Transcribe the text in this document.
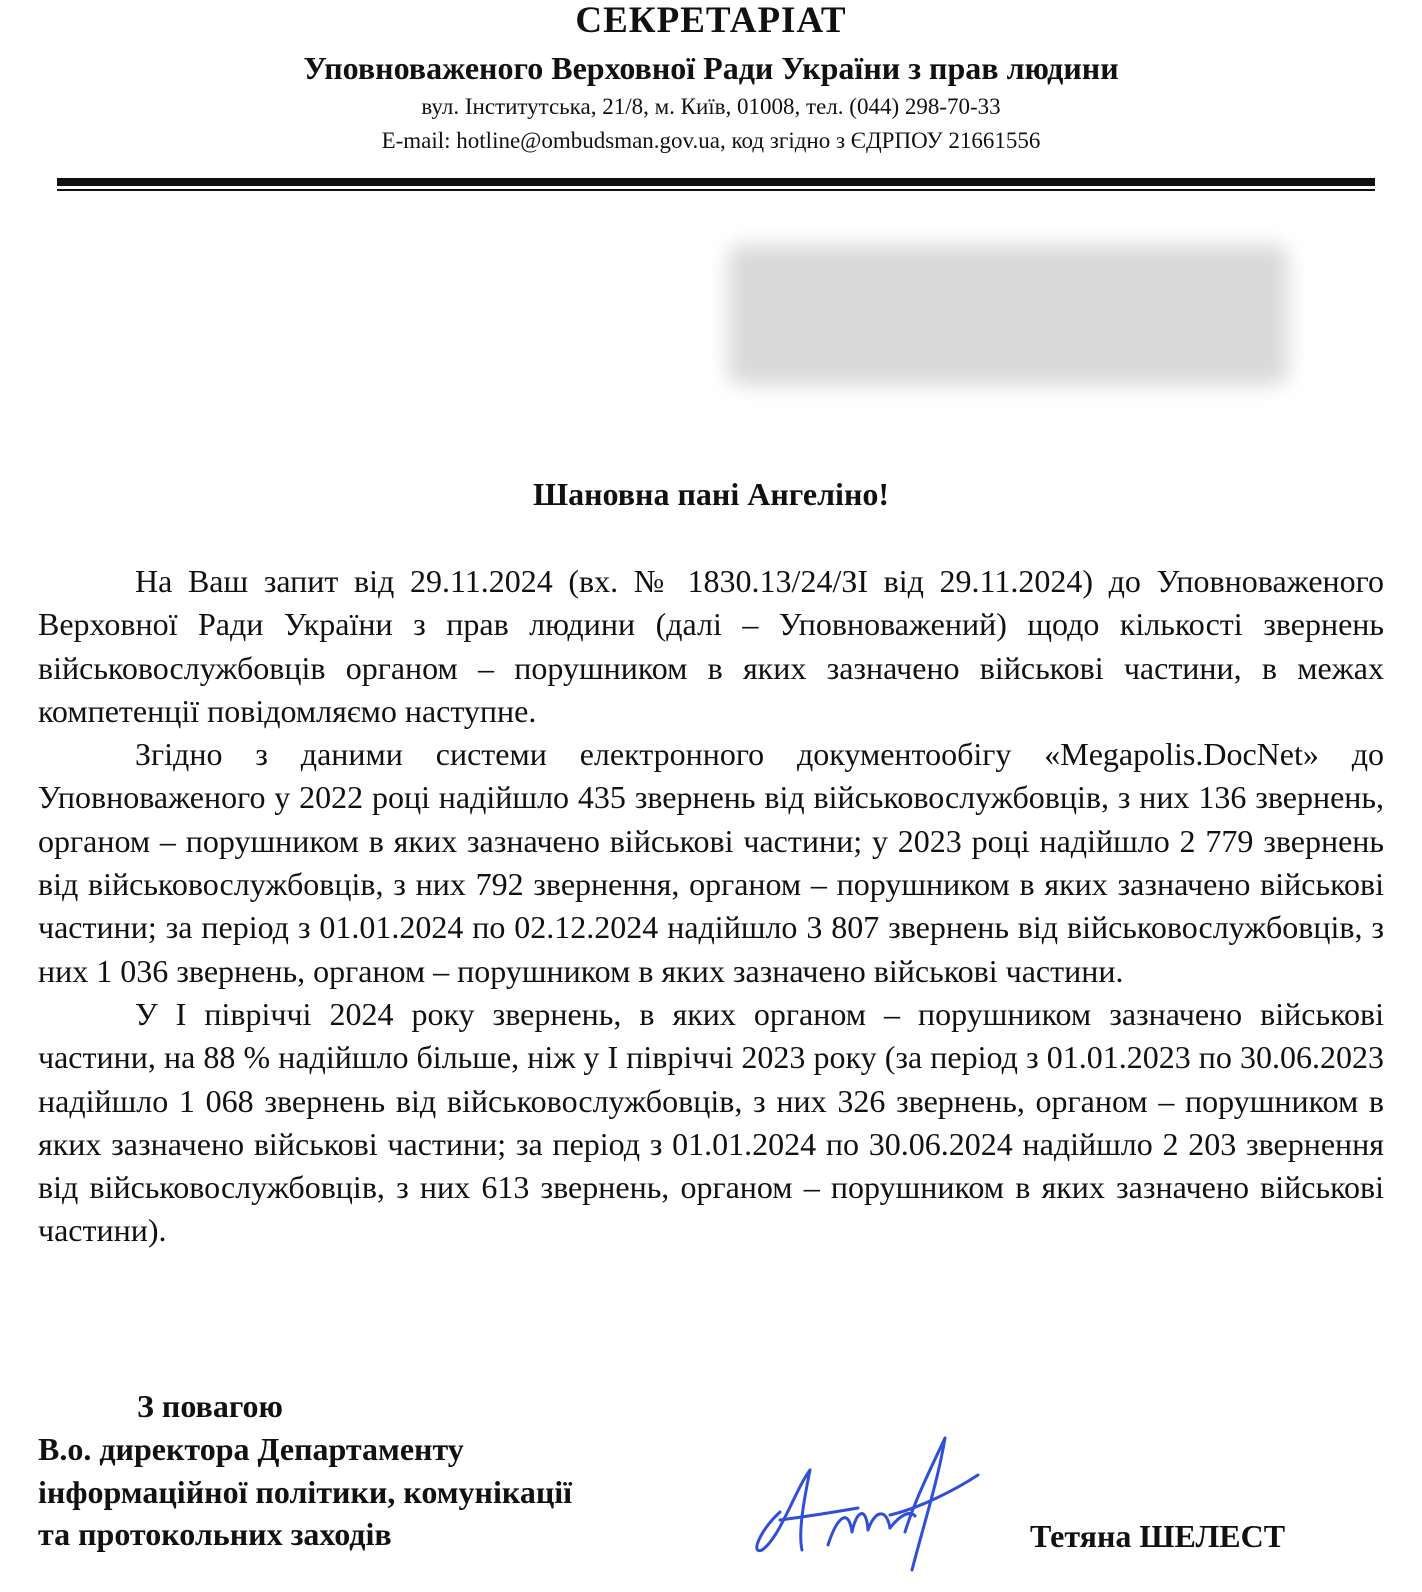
СЕКРЕТАРІАТ
Уповноваженого Верховної Ради України з прав людини
вул. Інститутська, 21/8, м. Київ, 01008, тел. (044) 298-70-33
E-mail: hotline@ombudsman.gov.ua, код згідно з ЄДРПОУ 21661556
Шановна пані Ангеліно!

На Ваш запит від 29.11.2024 (вх. № 1830.13/24/ЗІ від 29.11.2024) до Уповноваженого Верховної Ради України з прав людини (далі – Уповноважений) щодо кількості звернень військовослужбовців органом – порушником в яких зазначено військові частини, в межах компетенції повідомляємо наступне.

Згідно з даними системи електронного документообігу «Megapolis.DocNet» до Уповноваженого у 2022 році надійшло 435 звернень від військовослужбовців, з них 136 звернень, органом – порушником в яких зазначено військові частини; у 2023 році надійшло 2 779 звернень від військовослужбовців, з них 792 звернення, органом – порушником в яких зазначено військові частини; за період з 01.01.2024 по 02.12.2024 надійшло 3 807 звернень від військовослужбовців, з них 1 036 звернень, органом – порушником в яких зазначено військові частини.

У І півріччі 2024 року звернень, в яких органом – порушником зазначено військові частини, на 88 % надійшло більше, ніж у І півріччі 2023 року (за період з 01.01.2023 по 30.06.2023 надійшло 1 068 звернень від військовослужбовців, з них 326 звернень, органом – порушником в яких зазначено військові частини; за період з 01.01.2024 по 30.06.2024 надійшло 2 203 звернення від військовослужбовців, з них 613 звернень, органом – порушником в яких зазначено військові частини).

З повагою
В.о. директора Департаменту
інформаційної політики, комунікації
та протокольних заходів	Тетяна ШЕЛЕСТ
